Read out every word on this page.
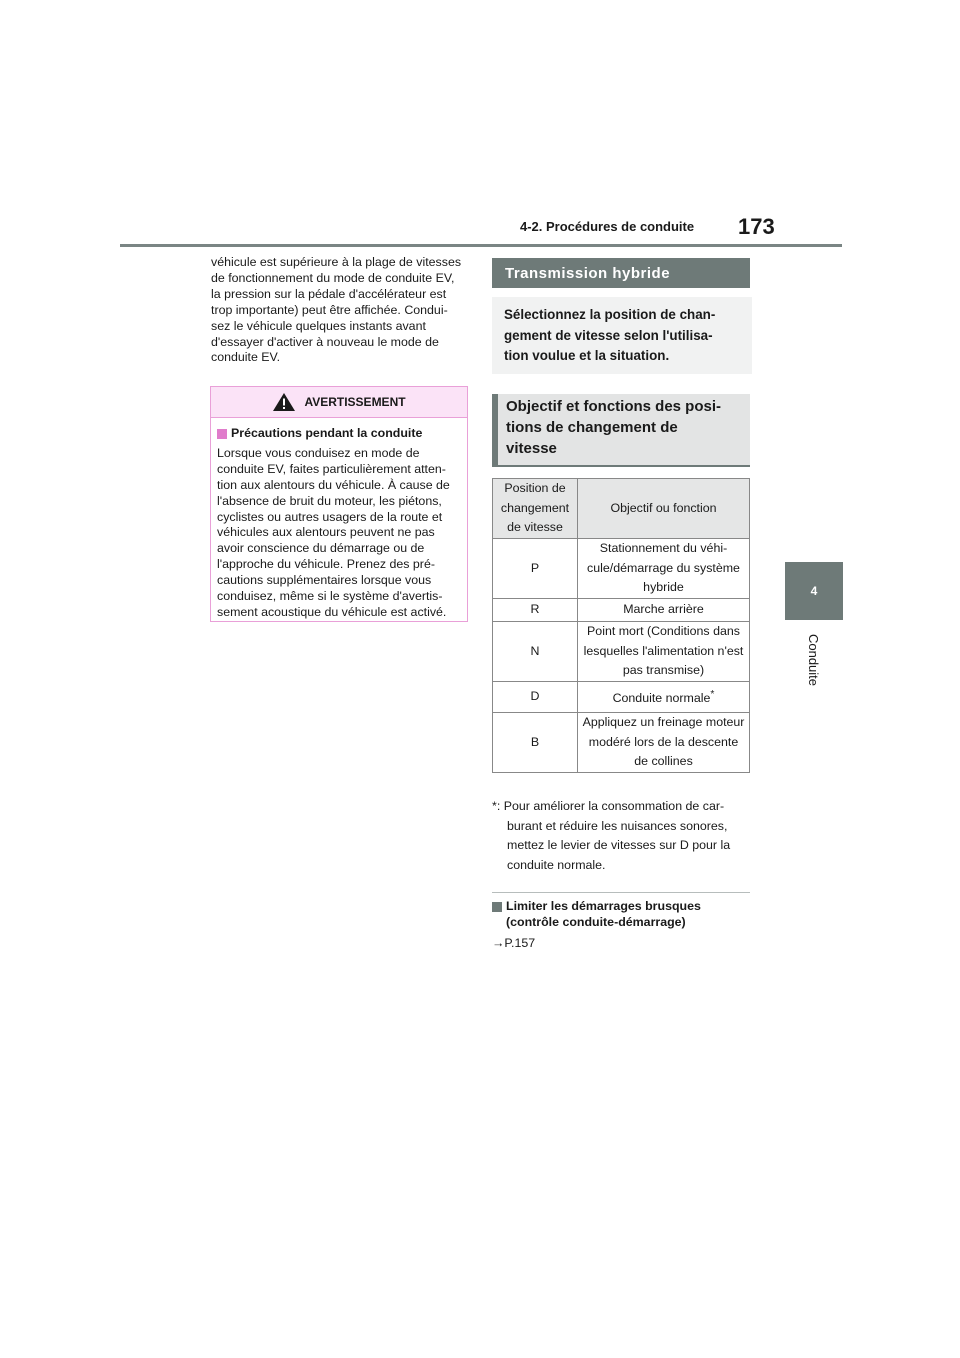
173
4-2. Procédures de conduite
4
Conduite
véhicule est supérieure à la plage de vitesses
de fonctionnement du mode de conduite EV,
la pression sur la pédale d'accélérateur est
trop importante) peut être affichée. Condui-
sez le véhicule quelques instants avant
d'essayer d'activer à nouveau le mode de
conduite EV.
AVERTISSEMENT
Précautions pendant la conduite
Lorsque vous conduisez en mode de
conduite EV, faites particulièrement atten-
tion aux alentours du véhicule. À cause de
l'absence de bruit du moteur, les piétons,
cyclistes ou autres usagers de la route et
véhicules aux alentours peuvent ne pas
avoir conscience du démarrage ou de
l'approche du véhicule. Prenez des pré-
cautions supplémentaires lorsque vous
conduisez, même si le système d'avertis-
sement acoustique du véhicule est activé.
Transmission hybride
Sélectionnez la position de chan-
gement de vitesse selon l'utilisa-
tion voulue et la situation.
Objectif et fonctions des posi-
tions de changement de
vitesse
Position de
changement
de vitesse	Objectif ou fonction
P	Stationnement du véhi-
cule/démarrage du système
hybride

R	Marche arrière

N	Point mort (Conditions dans
lesquelles l'alimentation n'est
pas transmise)

D	Conduite normale*
B	Appliquez un freinage moteur
modéré lors de la descente
de collines
*: Pour améliorer la consommation de car-
burant et réduire les nuisances sonores,
mettez le levier de vitesses sur D pour la
conduite normale.
Limiter les démarrages brusques
(contrôle conduite-démarrage)
→P.157
